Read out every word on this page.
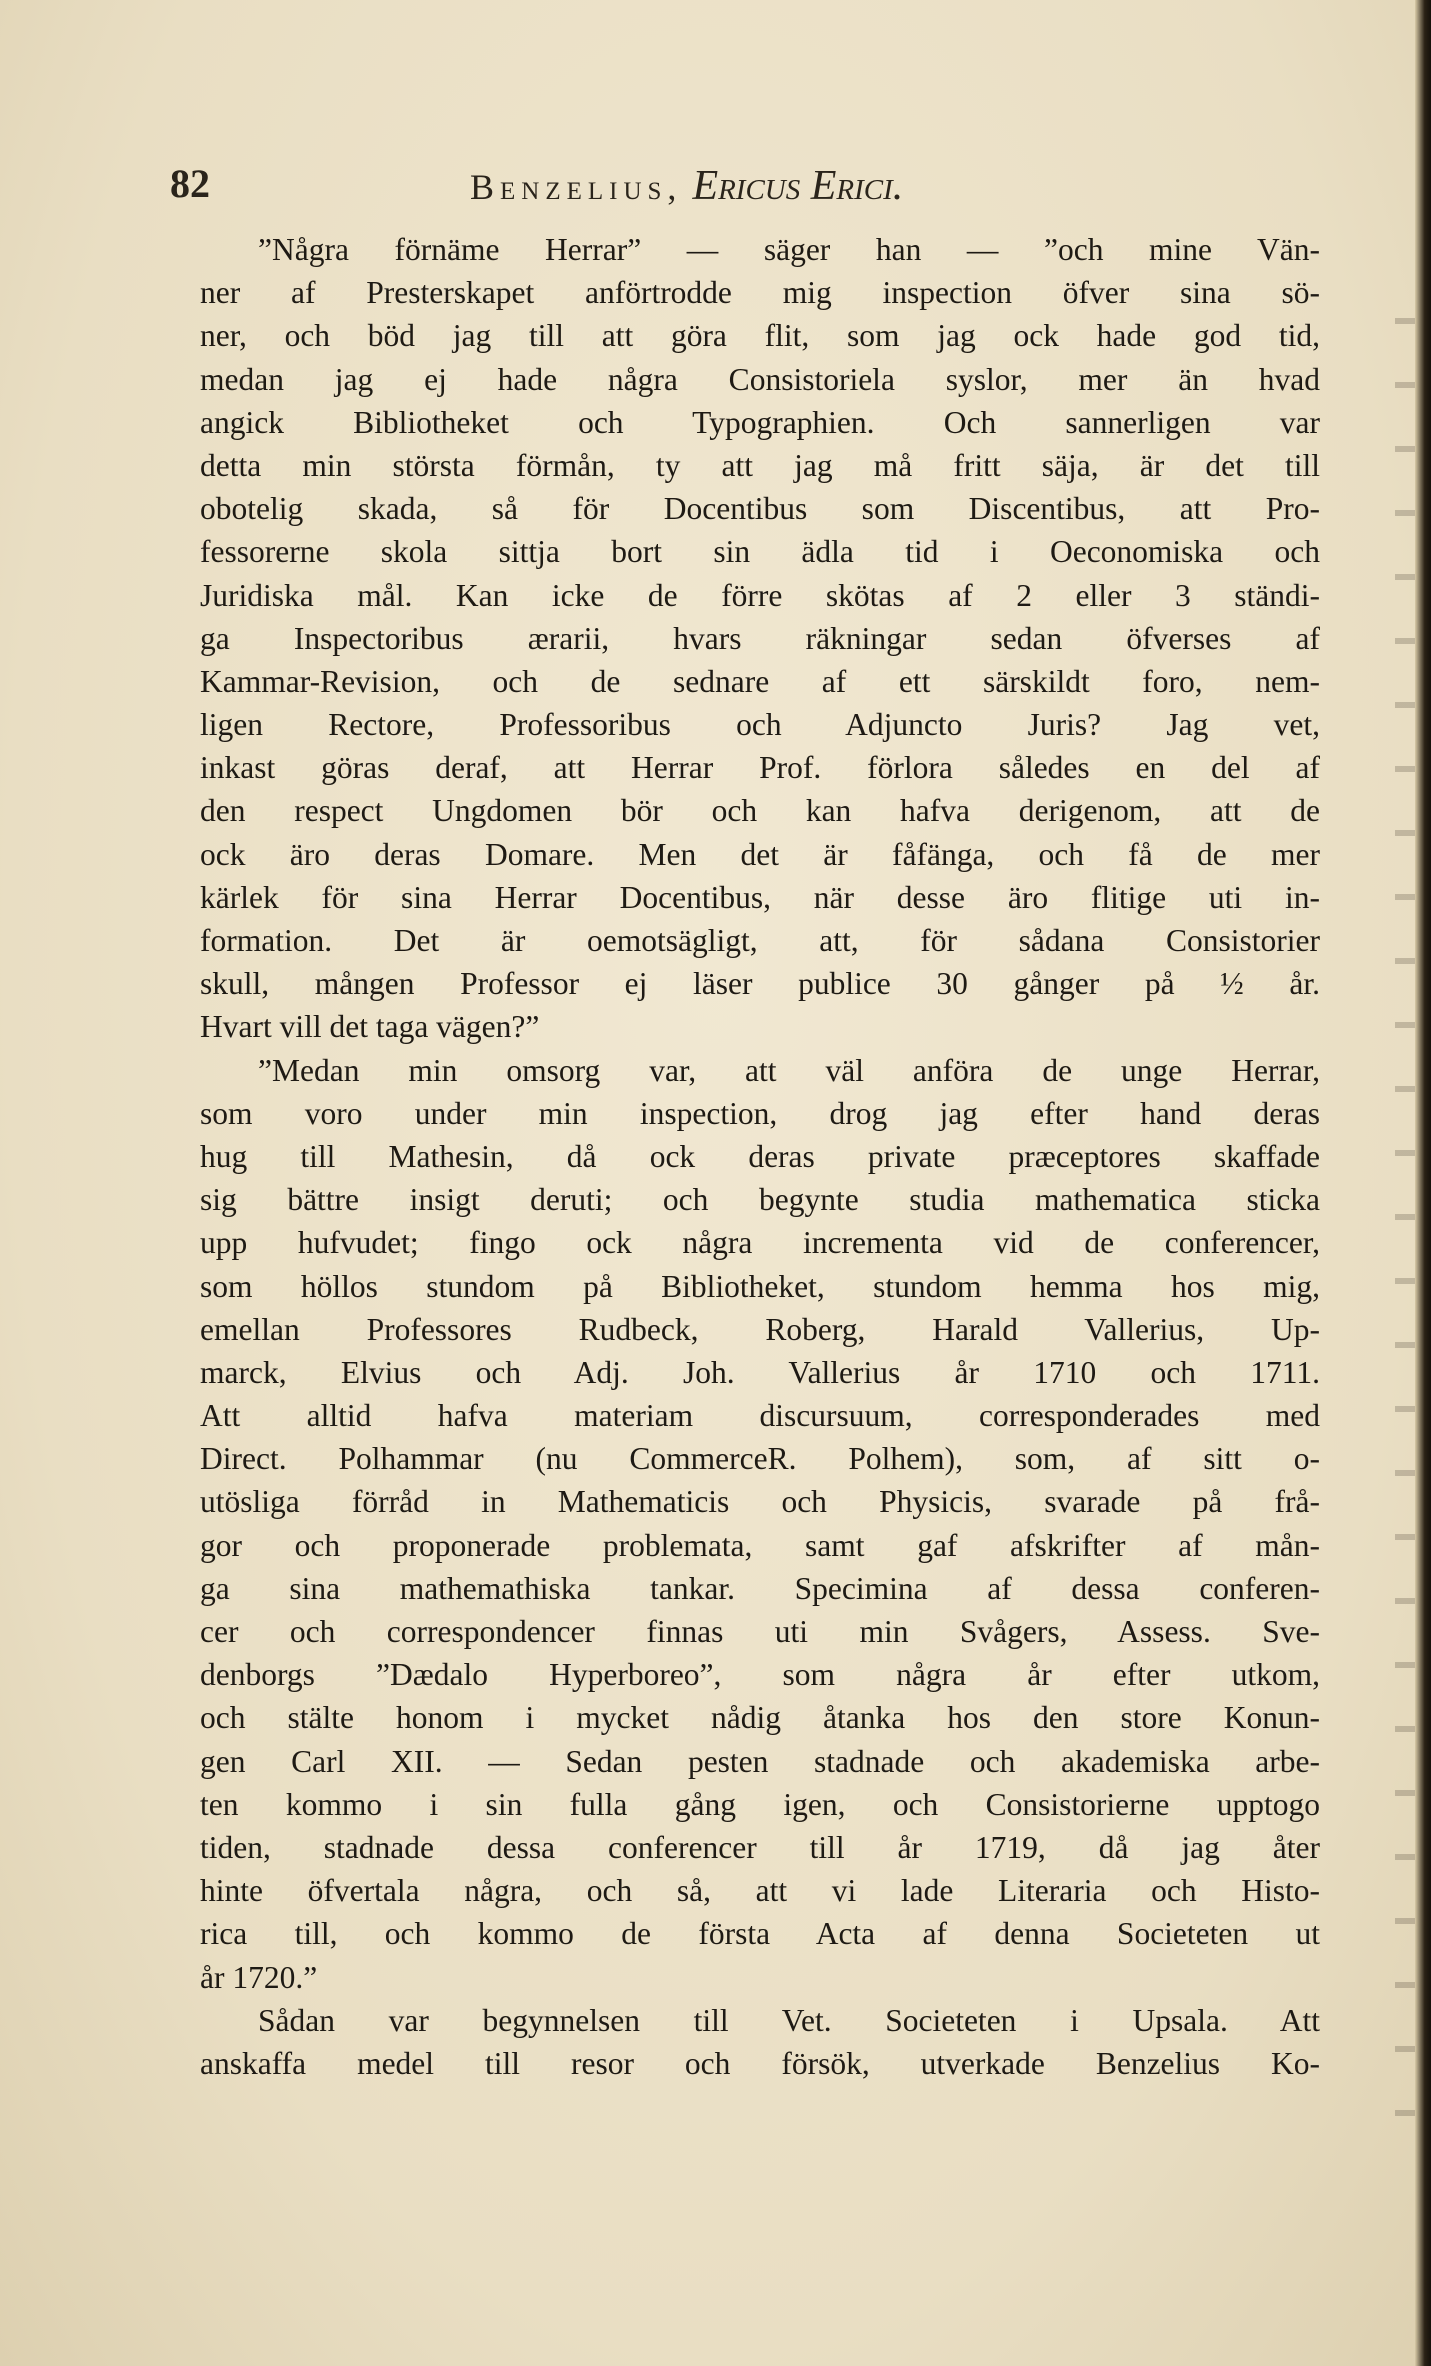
82	Benzelius, Ericus Erici.
”Några förnäme Herrar” — säger han — ”och mine Vän-
ner af Presterskapet anförtrodde mig inspection öfver sina sö-
ner, och böd jag till att göra flit, som jag ock hade god tid,
medan jag ej hade några Consistoriela syslor, mer än hvad
angick Bibliotheket och Typographien. Och sannerligen var
detta min största förmån, ty att jag må fritt säja, är det till
obotelig skada, så för Docentibus som Discentibus, att Pro-
fessorerne skola sittja bort sin ädla tid i Oeconomiska och
Juridiska mål. Kan icke de förre skötas af 2 eller 3 ständi-
ga Inspectoribus ærarii, hvars räkningar sedan öfverses af
Kammar-Revision, och de sednare af ett särskildt foro, nem-
ligen Rectore, Professoribus och Adjuncto Juris? Jag vet,
inkast göras deraf, att Herrar Prof. förlora således en del af
den respect Ungdomen bör och kan hafva derigenom, att de
ock äro deras Domare. Men det är fåfänga, och få de mer
kärlek för sina Herrar Docentibus, när desse äro flitige uti in-
formation. Det är oemotsägligt, att, för sådana Consistorier
skull, mången Professor ej läser publice 30 gånger på ½ år.
Hvart vill det taga vägen?”
”Medan min omsorg var, att väl anföra de unge Herrar,
som voro under min inspection, drog jag efter hand deras
hug till Mathesin, då ock deras private præceptores skaffade
sig bättre insigt deruti; och begynte studia mathematica sticka
upp hufvudet; fingo ock några incrementa vid de conferencer,
som höllos stundom på Bibliotheket, stundom hemma hos mig,
emellan Professores Rudbeck, Roberg, Harald Vallerius, Up-
marck, Elvius och Adj. Joh. Vallerius år 1710 och 1711.
Att alltid hafva materiam discursuum, corresponderades med
Direct. Polhammar (nu CommerceR. Polhem), som, af sitt o-
utösliga förråd in Mathematicis och Physicis, svarade på frå-
gor och proponerade problemata, samt gaf afskrifter af mån-
ga sina mathemathiska tankar. Specimina af dessa conferen-
cer och correspondencer finnas uti min Svågers, Assess. Sve-
denborgs ”Dædalo Hyperboreo”, som några år efter utkom,
och stälte honom i mycket nådig åtanka hos den store Konun-
gen Carl XII. — Sedan pesten stadnade och akademiska arbe-
ten kommo i sin fulla gång igen, och Consistorierne upptogo
tiden, stadnade dessa conferencer till år 1719, då jag åter
hinte öfvertala några, och så, att vi lade Literaria och Histo-
rica till, och kommo de första Acta af denna Societeten ut
år 1720.”
Sådan var begynnelsen till Vet. Societeten i Upsala. Att
anskaffa medel till resor och försök, utverkade Benzelius Ko-
